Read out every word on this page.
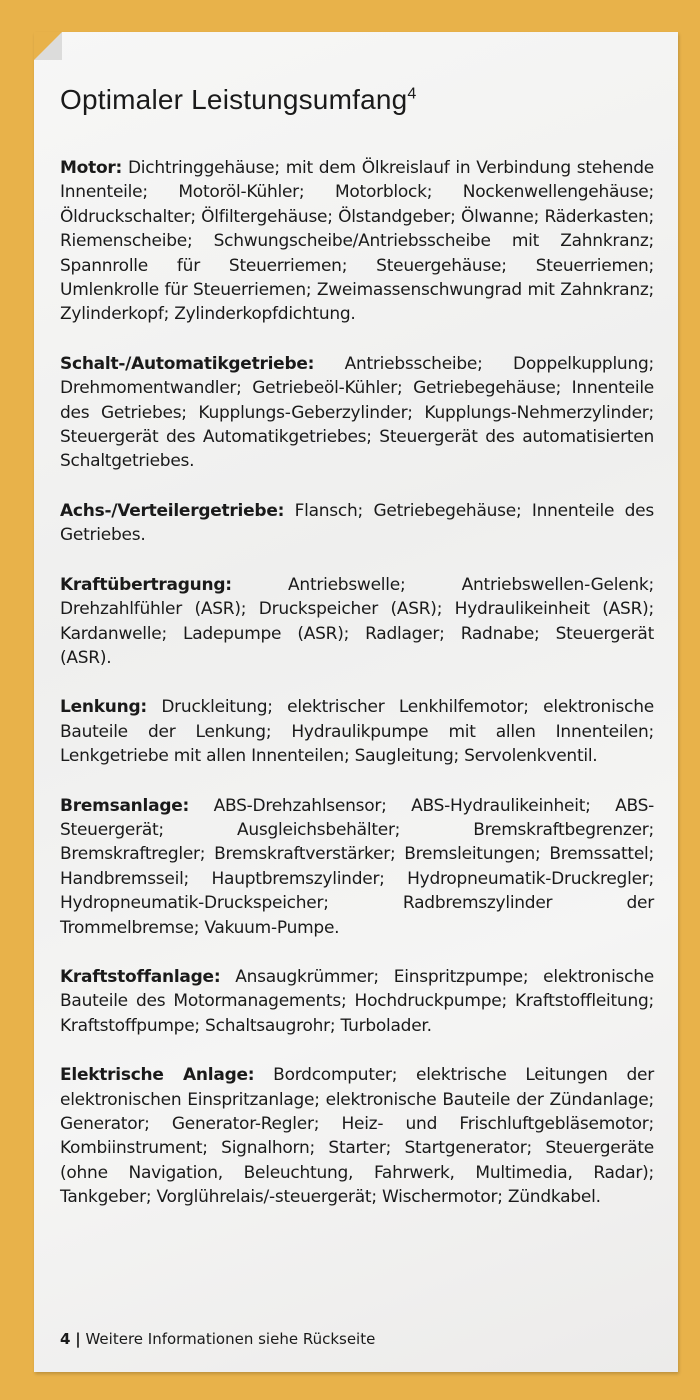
Optimaler Leistungsumfang$^4$

Motor: Dichtringgehäuse; mit dem Ölkreislauf in Verbindung stehende Innenteile; Motoröl-Kühler; Motorblock; Nockenwellengehäuse; Öldruckschalter; Ölfiltergehäuse; Ölstandgeber; Ölwanne; Räderkasten; Riemenscheibe; Schwungscheibe/Antriebsscheibe mit Zahnkranz; Spannrolle für Steuerriemen; Steuergehäuse; Steuerriemen; Umlenkrolle für Steuerriemen; Zweimassenschwungrad mit Zahnkranz; Zylinderkopf; Zylinderkopfdichtung.

Schalt-/Automatikgetriebe: Antriebsscheibe; Doppelkupplung; Drehmomentwandler; Getriebeöl-Kühler; Getriebegehäuse; Innenteile des Getriebes; Kupplungs-Geberzylinder; Kupplungs-Nehmerzylinder; Steuergerät des Automatikgetriebes; Steuergerät des automatisierten Schaltgetriebes.

Achs-/Verteilergetriebe: Flansch; Getriebegehäuse; Innenteile des Getriebes.

Kraftübertragung:	Antriebswelle; Antriebswellen-Gelenk; Drehzahlfühler (ASR); Druckspeicher (ASR); Hydraulikeinheit (ASR); Kardanwelle; Ladepumpe (ASR); Radlager; Radnabe; Steuergerät (ASR).

Lenkung: Druckleitung; elektrischer Lenkhilfemotor; elektronische Bauteile der Lenkung; Hydraulikpumpe mit allen Innenteilen; Lenkgetriebe mit allen Innenteilen; Saugleitung; Servolenkventil.

Bremsanlage: ABS-Drehzahlsensor; ABS-Hydraulikeinheit; ABS-Steuergerät; Ausgleichsbehälter; Bremskraftbegrenzer; Bremskraftregler; Bremskraftverstärker; Bremsleitungen; Bremssattel; Handbremsseil; Hauptbremszylinder; Hydropneumatik-Druckregler; Hydropneumatik-Druckspeicher; Radbremszylinder der Trommelbremse; Vakuum-Pumpe.

Kraftstoffanlage: Ansaugkrümmer; Einspritzpumpe; elektronische Bauteile des Motormanagements; Hochdruckpumpe; Kraftstoffleitung; Kraftstoffpumpe; Schaltsaugrohr; Turbolader.

Elektrische Anlage: Bordcomputer; elektrische Leitungen der elektronischen Einspritzanlage; elektronische Bauteile der Zündanlage; Generator; Generator-Regler; Heiz- und Frischluftgebläsemotor; Kombiinstrument; Signalhorn; Starter; Startgenerator; Steuergeräte (ohne Navigation, Beleuchtung, Fahrwerk, Multimedia, Radar); Tankgeber; Vorglührelais/-steuergerät; Wischermotor; Zündkabel.

4 | Weitere Informationen siehe Rückseite
